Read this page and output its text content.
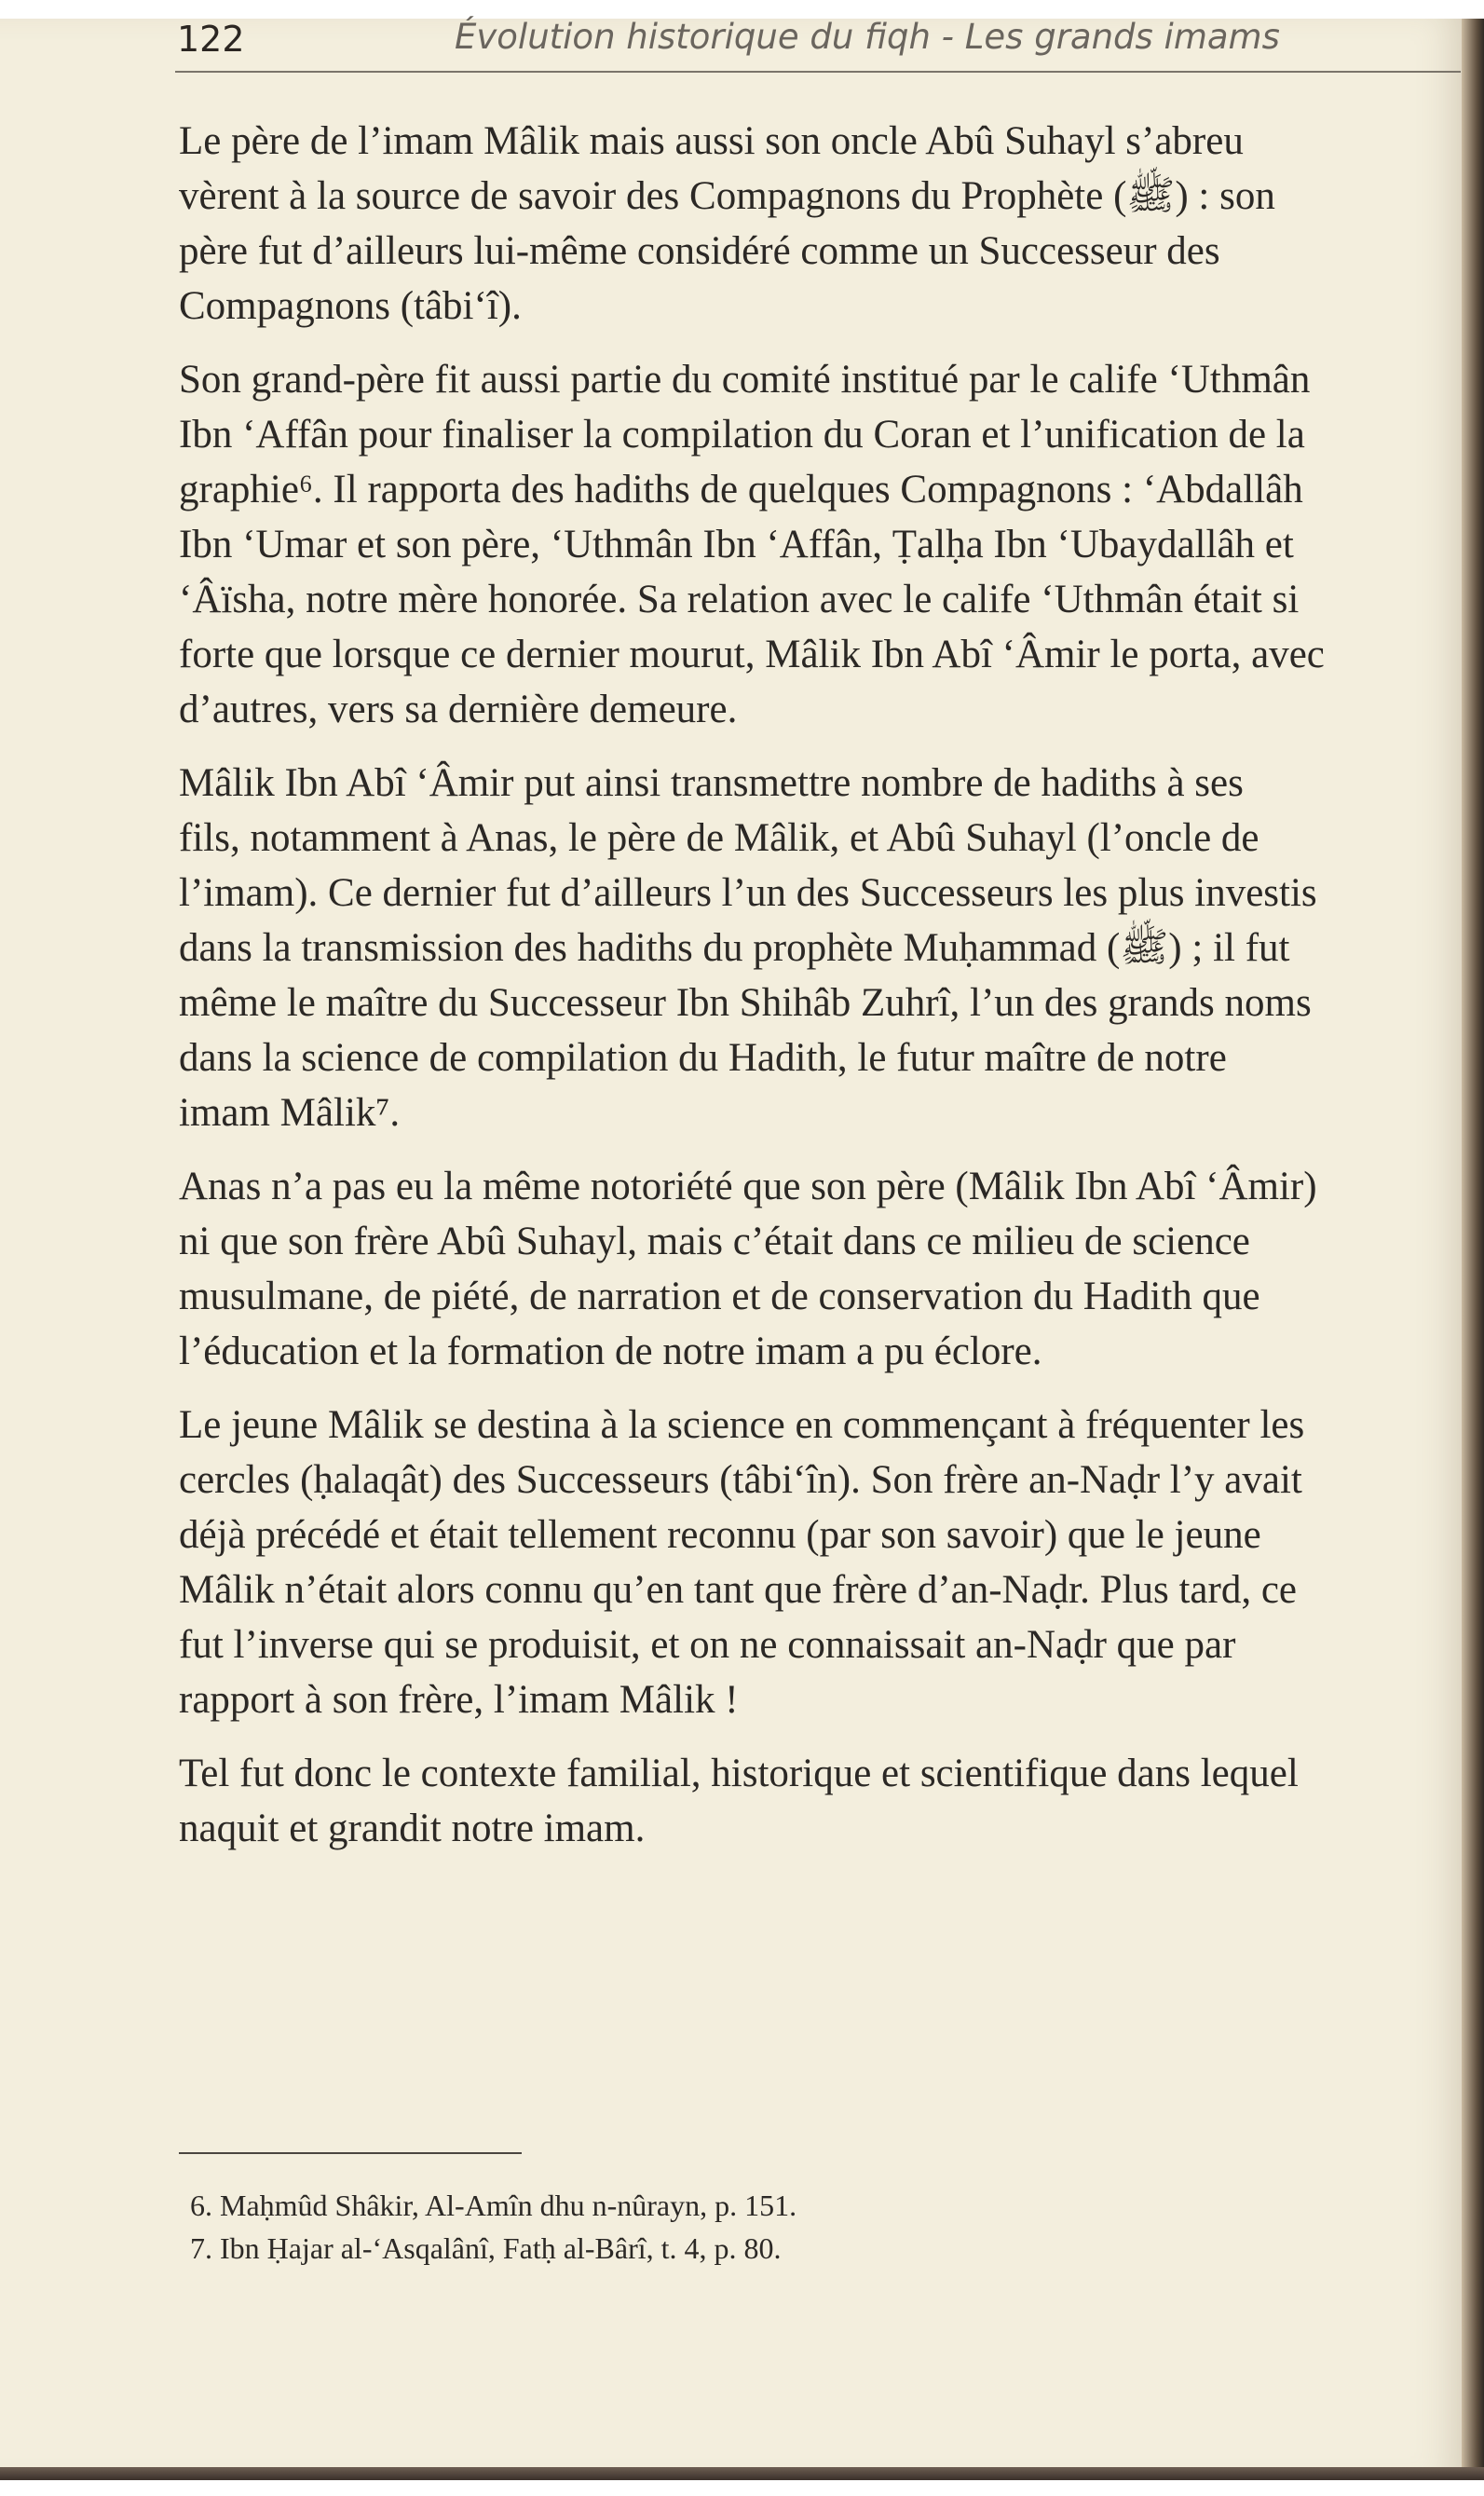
122	Évolution historique du fiqh - Les grands imams

Le père de l’imam Mâlik mais aussi son oncle Abû Suhayl s’abreu
vèrent à la source de savoir des Compagnons du Prophète (ﷺ) : son
père fut d’ailleurs lui-même considéré comme un Successeur des
Compagnons (tâbi‘î).

Son grand-père fit aussi partie du comité institué par le calife ‘Uthmân
Ibn ‘Affân pour finaliser la compilation du Coran et l’unification de la
graphie⁶. Il rapporta des hadiths de quelques Compagnons : ‘Abdallâh
Ibn ‘Umar et son père, ‘Uthmân Ibn ‘Affân, Ṭalḥa Ibn ‘Ubaydallâh et
‘Âïsha, notre mère honorée. Sa relation avec le calife ‘Uthmân était si
forte que lorsque ce dernier mourut, Mâlik Ibn Abî ‘Âmir le porta, avec
d’autres, vers sa dernière demeure.

Mâlik Ibn Abî ‘Âmir put ainsi transmettre nombre de hadiths à ses
fils, notamment à Anas, le père de Mâlik, et Abû Suhayl (l’oncle de
l’imam). Ce dernier fut d’ailleurs l’un des Successeurs les plus investis
dans la transmission des hadiths du prophète Muḥammad (ﷺ) ; il fut
même le maître du Successeur Ibn Shihâb Zuhrî, l’un des grands noms
dans la science de compilation du Hadith, le futur maître de notre
imam Mâlik⁷.

Anas n’a pas eu la même notoriété que son père (Mâlik Ibn Abî ‘Âmir)
ni que son frère Abû Suhayl, mais c’était dans ce milieu de science
musulmane, de piété, de narration et de conservation du Hadith que
l’éducation et la formation de notre imam a pu éclore.

Le jeune Mâlik se destina à la science en commençant à fréquenter les
cercles (ḥalaqât) des Successeurs (tâbi‘în). Son frère an-Naḍr l’y avait
déjà précédé et était tellement reconnu (par son savoir) que le jeune
Mâlik n’était alors connu qu’en tant que frère d’an-Naḍr. Plus tard, ce
fut l’inverse qui se produisit, et on ne connaissait an-Naḍr que par
rapport à son frère, l’imam Mâlik !

Tel fut donc le contexte familial, historique et scientifique dans lequel
naquit et grandit notre imam.

6. Maḥmûd Shâkir, Al-Amîn dhu n-nûrayn, p. 151.
7. Ibn Ḥajar al-‘Asqalânî, Fatḥ al-Bârî, t. 4, p. 80.
